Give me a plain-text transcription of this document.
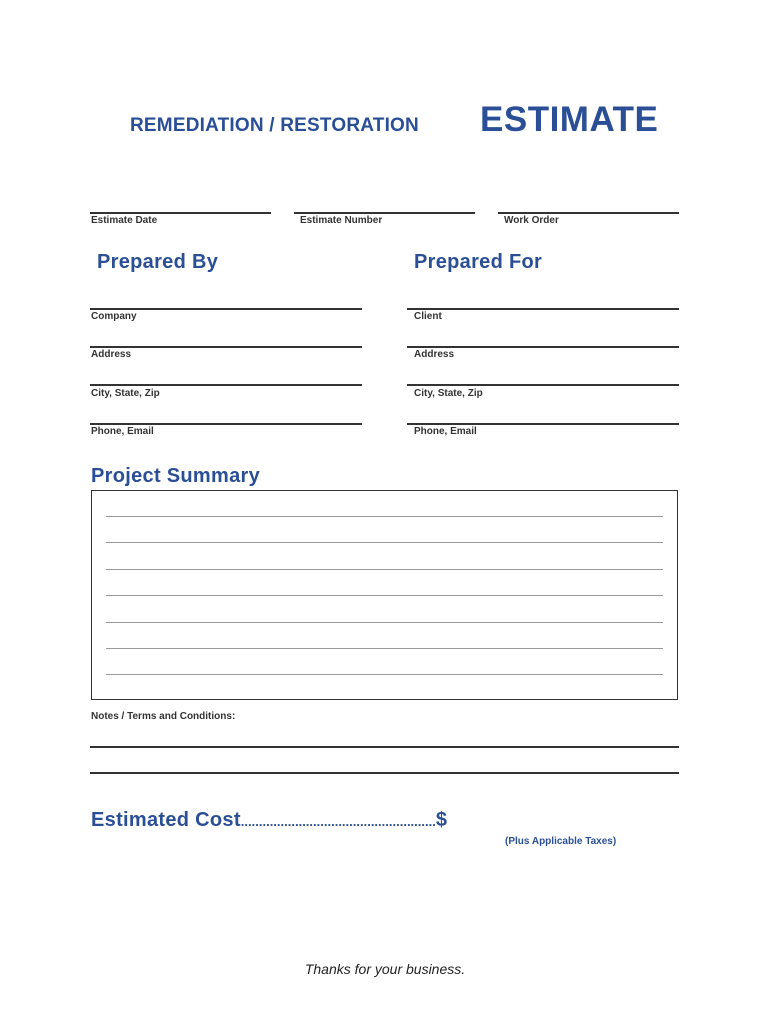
REMEDIATION / RESTORATION ESTIMATE
Estimate Date	Estimate Number	Work Order
Prepared By
Company
Address
City, State, Zip
Phone, Email
Prepared For
Client
Address
City, State, Zip
Phone, Email
Project Summary
Notes / Terms and Conditions:
Estimated Cost......................................................$
(Plus Applicable Taxes)
Thanks for your business.
